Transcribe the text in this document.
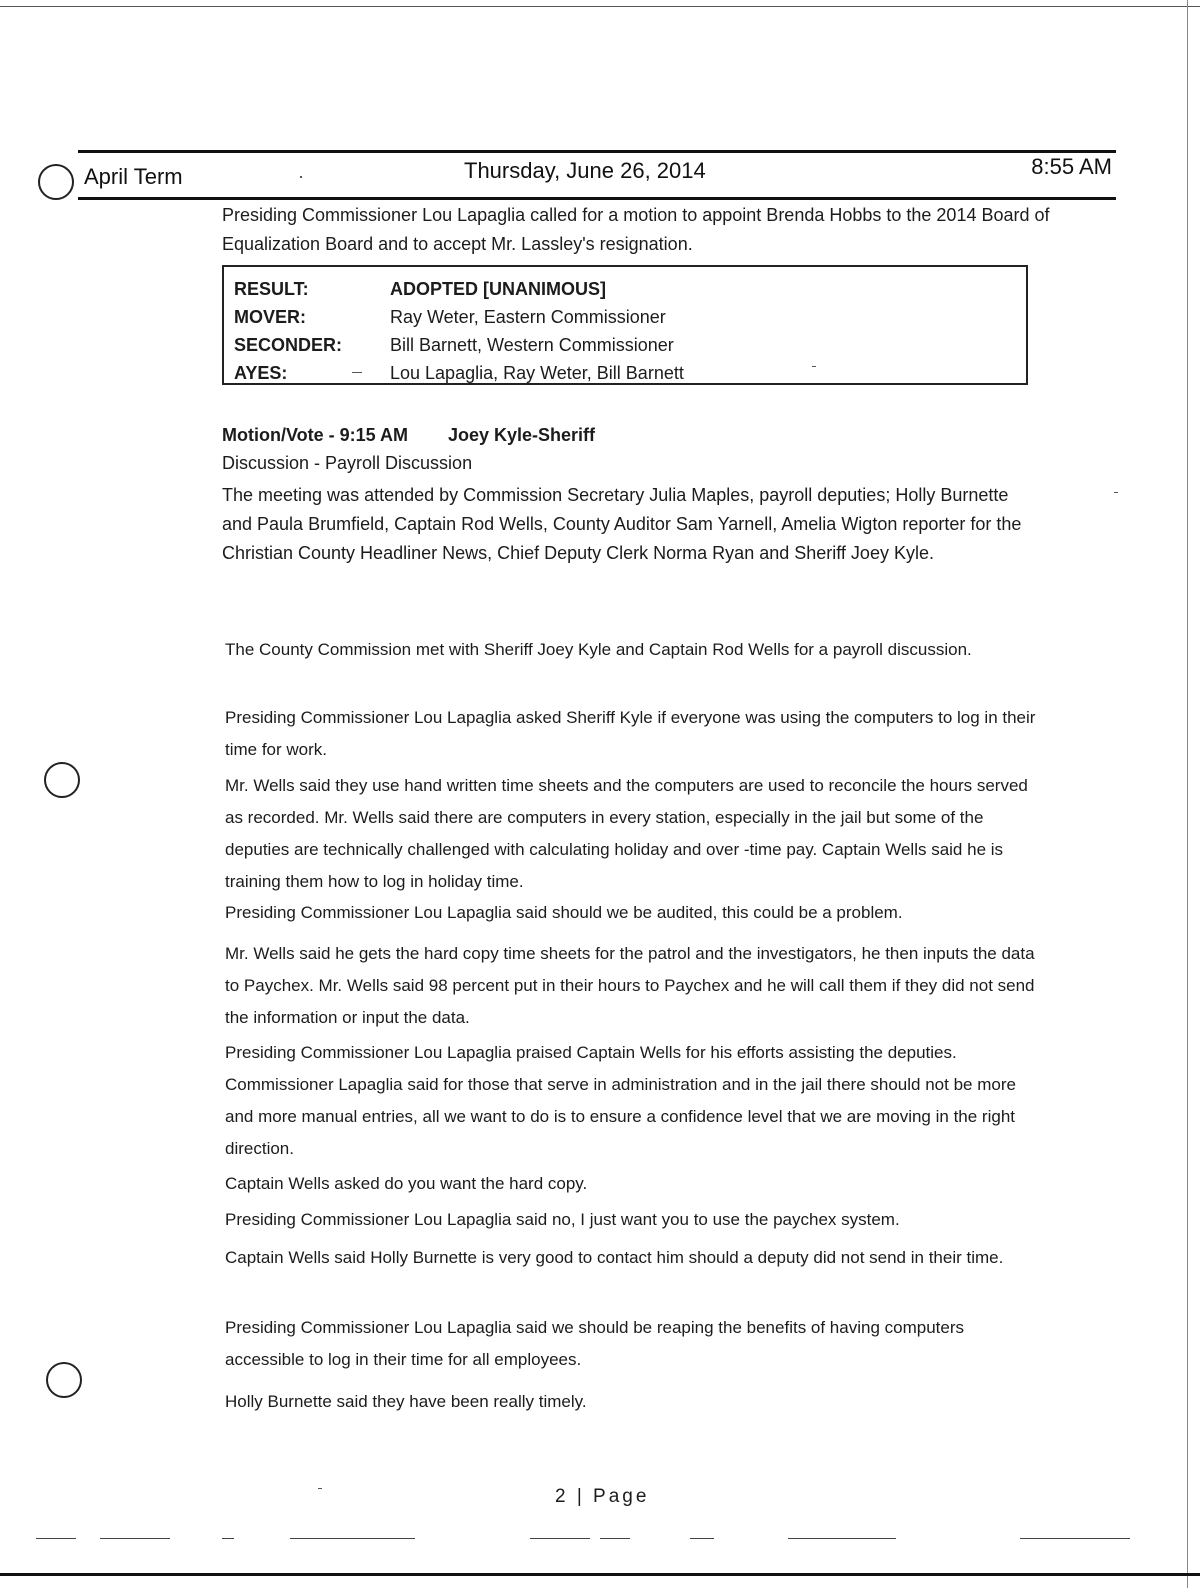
April Term	Thursday, June 26, 2014	8:55 AM
Presiding Commissioner Lou Lapaglia called for a motion to appoint Brenda Hobbs to the 2014 Board of Equalization Board and to accept Mr. Lassley's resignation.
RESULT:	ADOPTED [UNANIMOUS]
MOVER:	Ray Weter, Eastern Commissioner
SECONDER:	Bill Barnett, Western Commissioner
AYES:	Lou Lapaglia, Ray Weter, Bill Barnett
Motion/Vote - 9:15 AM Joey Kyle-Sheriff
Discussion - Payroll Discussion
The meeting was attended by Commission Secretary Julia Maples, payroll deputies; Holly Burnette and Paula Brumfield, Captain Rod Wells, County Auditor Sam Yarnell, Amelia Wigton reporter for the Christian County Headliner News, Chief Deputy Clerk Norma Ryan and Sheriff Joey Kyle.
The County Commission met with Sheriff Joey Kyle and Captain Rod Wells for a payroll discussion.
Presiding Commissioner Lou Lapaglia asked Sheriff Kyle if everyone was using the computers to log in their time for work.
Mr. Wells said they use hand written time sheets and the computers are used to reconcile the hours served as recorded. Mr. Wells said there are computers in every station, especially in the jail but some of the deputies are technically challenged with calculating holiday and over -time pay. Captain Wells said he is training them how to log in holiday time.
Presiding Commissioner Lou Lapaglia said should we be audited, this could be a problem.
Mr. Wells said he gets the hard copy time sheets for the patrol and the investigators, he then inputs the data to Paychex. Mr. Wells said 98 percent put in their hours to Paychex and he will call them if they did not send the information or input the data.
Presiding Commissioner Lou Lapaglia praised Captain Wells for his efforts assisting the deputies. Commissioner Lapaglia said for those that serve in administration and in the jail there should not be more and more manual entries, all we want to do is to ensure a confidence level that we are moving in the right direction.
Captain Wells asked do you want the hard copy.
Presiding Commissioner Lou Lapaglia said no, I just want you to use the paychex system.
Captain Wells said Holly Burnette is very good to contact him should a deputy did not send in their time.
Presiding Commissioner Lou Lapaglia said we should be reaping the benefits of having computers accessible to log in their time for all employees.
Holly Burnette said they have been really timely.
2 | Page
